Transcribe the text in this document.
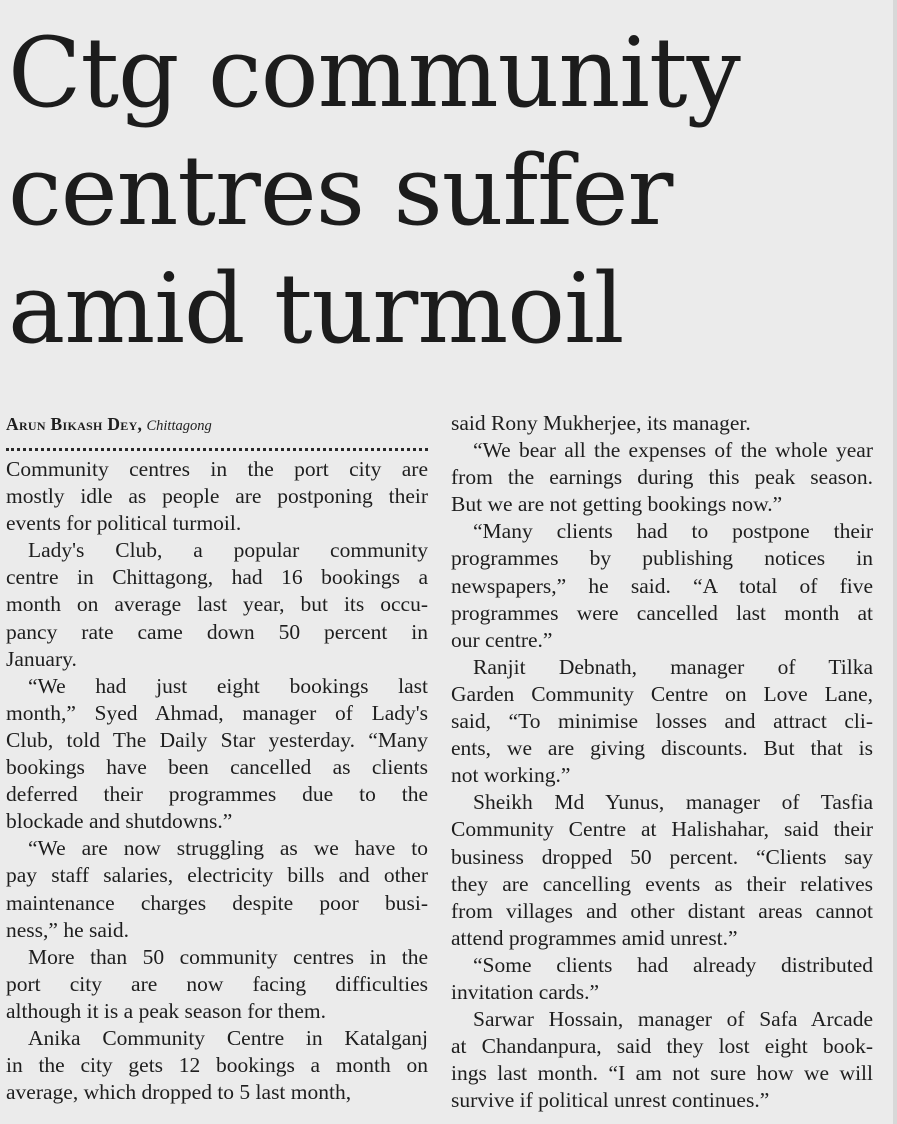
Ctg community
centres suffer
amid turmoil

Arun Bikash Dey, Chittagong

Community centres in the port city are
mostly idle as people are postponing their
events for political turmoil.

Lady's Club, a popular community
centre in Chittagong, had 16 bookings a
month on average last year, but its occu-
pancy rate came down 50 percent in
January.

“We had just eight bookings last
month,” Syed Ahmad, manager of Lady's
Club, told The Daily Star yesterday. “Many
bookings have been cancelled as clients
deferred their programmes due to the
blockade and shutdowns.”

“We are now struggling as we have to
pay staff salaries, electricity bills and other
maintenance charges despite poor busi-
ness,” he said.

More than 50 community centres in the
port city are now facing difficulties
although it is a peak season for them.

Anika Community Centre in Katalganj
in the city gets 12 bookings a month on
average, which dropped to 5 last month,

said Rony Mukherjee, its manager.

“We bear all the expenses of the whole year
from the earnings during this peak season.
But we are not getting bookings now.”

“Many clients had to postpone their
programmes by publishing notices in
newspapers,” he said. “A total of five
programmes were cancelled last month at
our centre.”

Ranjit Debnath, manager of Tilka
Garden Community Centre on Love Lane,
said, “To minimise losses and attract cli-
ents, we are giving discounts. But that is
not working.”

Sheikh Md Yunus, manager of Tasfia
Community Centre at Halishahar, said their
business dropped 50 percent. “Clients say
they are cancelling events as their relatives
from villages and other distant areas cannot
attend programmes amid unrest.”

“Some clients had already distributed
invitation cards.”

Sarwar Hossain, manager of Safa Arcade
at Chandanpura, said they lost eight book-
ings last month. “I am not sure how we will
survive if political unrest continues.”
